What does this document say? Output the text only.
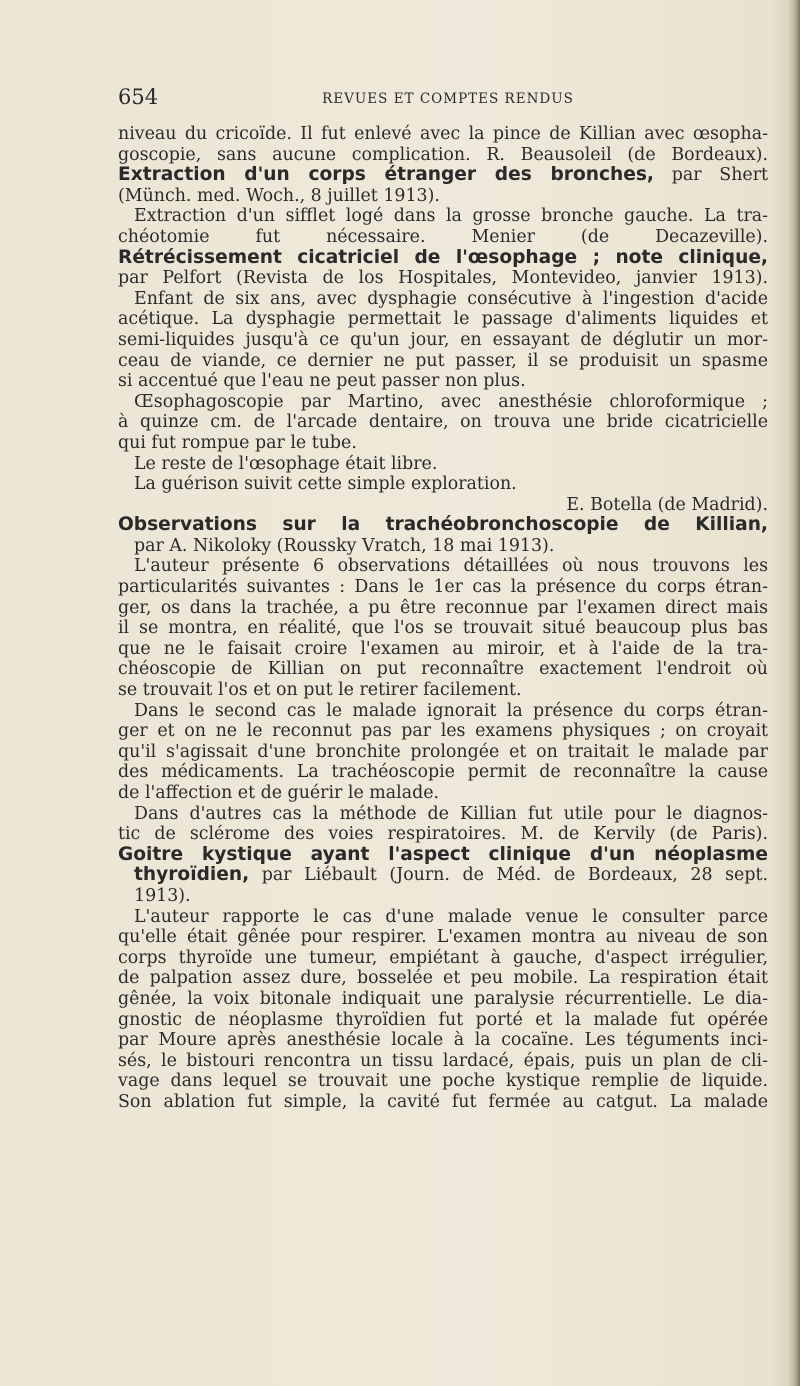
654	REVUES ET COMPTES RENDUS
niveau du cricoïde. Il fut enlevé avec la pince de Killian avec œsopha-
goscopie, sans aucune complication. R. Beausoleil (de Bordeaux).
Extraction d'un corps étranger des bronches, par Shert
(Münch. med. Woch., 8 juillet 1913).
Extraction d'un sifflet logé dans la grosse bronche gauche. La tra-
chéotomie fut nécessaire. Menier (de Decazeville).
Rétrécissement cicatriciel de l'œsophage ; note clinique,
par Pelfort (Revista de los Hospitales, Montevideo, janvier 1913).
Enfant de six ans, avec dysphagie consécutive à l'ingestion d'acide
acétique. La dysphagie permettait le passage d'aliments liquides et
semi-liquides jusqu'à ce qu'un jour, en essayant de déglutir un mor-
ceau de viande, ce dernier ne put passer, il se produisit un spasme
si accentué que l'eau ne peut passer non plus.
Œsophagoscopie par Martino, avec anesthésie chloroformique ;
à quinze cm. de l'arcade dentaire, on trouva une bride cicatricielle
qui fut rompue par le tube.
Le reste de l'œsophage était libre.
La guérison suivit cette simple exploration.
E. Botella (de Madrid).
Observations sur la trachéobronchoscopie de Killian,
par A. Nikoloky (Roussky Vratch, 18 mai 1913).
L'auteur présente 6 observations détaillées où nous trouvons les
particularités suivantes : Dans le 1er cas la présence du corps étran-
ger, os dans la trachée, a pu être reconnue par l'examen direct mais
il se montra, en réalité, que l'os se trouvait situé beaucoup plus bas
que ne le faisait croire l'examen au miroir, et à l'aide de la tra-
chéoscopie de Killian on put reconnaître exactement l'endroit où
se trouvait l'os et on put le retirer facilement.
Dans le second cas le malade ignorait la présence du corps étran-
ger et on ne le reconnut pas par les examens physiques ; on croyait
qu'il s'agissait d'une bronchite prolongée et on traitait le malade par
des médicaments. La trachéoscopie permit de reconnaître la cause
de l'affection et de guérir le malade.
Dans d'autres cas la méthode de Killian fut utile pour le diagnos-
tic de sclérome des voies respiratoires. M. de Kervily (de Paris).
Goitre kystique ayant l'aspect clinique d'un néoplasme
thyroïdien, par Liébault (Journ. de Méd. de Bordeaux, 28 sept.
1913).
L'auteur rapporte le cas d'une malade venue le consulter parce
qu'elle était gênée pour respirer. L'examen montra au niveau de son
corps thyroïde une tumeur, empiétant à gauche, d'aspect irrégulier,
de palpation assez dure, bosselée et peu mobile. La respiration était
gênée, la voix bitonale indiquait une paralysie récurrentielle. Le dia-
gnostic de néoplasme thyroïdien fut porté et la malade fut opérée
par Moure après anesthésie locale à la cocaïne. Les téguments inci-
sés, le bistouri rencontra un tissu lardacé, épais, puis un plan de cli-
vage dans lequel se trouvait une poche kystique remplie de liquide.
Son ablation fut simple, la cavité fut fermée au catgut. La malade
